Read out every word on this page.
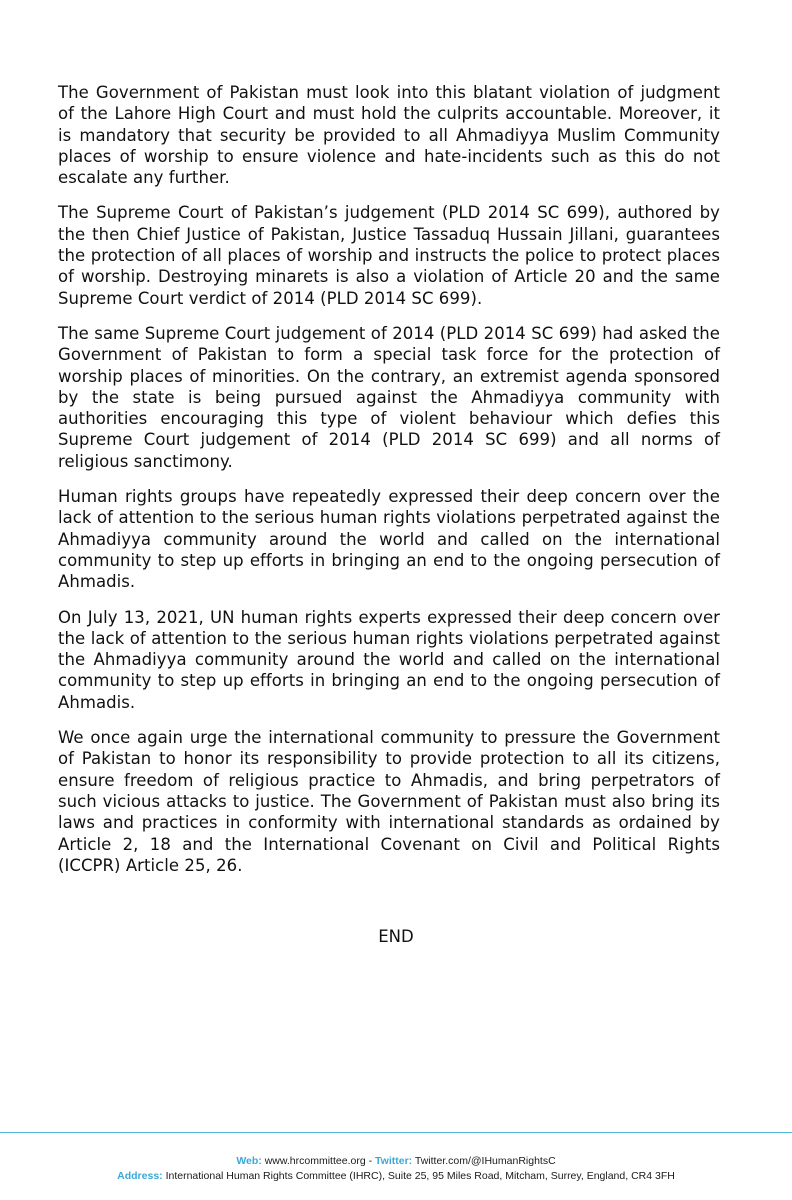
The Government of Pakistan must look into this blatant violation of judgment of the Lahore High Court and must hold the culprits accountable. Moreover, it is mandatory that security be provided to all Ahmadiyya Muslim Community places of worship to ensure violence and hate-incidents such as this do not escalate any further.

The Supreme Court of Pakistan’s judgement (PLD 2014 SC 699), authored by the then Chief Justice of Pakistan, Justice Tassaduq Hussain Jillani, guarantees the protection of all places of worship and instructs the police to protect places of worship. Destroying minarets is also a violation of Article 20 and the same Supreme Court verdict of 2014 (PLD 2014 SC 699).

The same Supreme Court judgement of 2014 (PLD 2014 SC 699) had asked the Government of Pakistan to form a special task force for the protection of worship places of minorities. On the contrary, an extremist agenda sponsored by the state is being pursued against the Ahmadiyya community with authorities encouraging this type of violent behaviour which defies this Supreme Court judgement of 2014 (PLD 2014 SC 699) and all norms of religious sanctimony.

Human rights groups have repeatedly expressed their deep concern over the lack of attention to the serious human rights violations perpetrated against the Ahmadiyya community around the world and called on the international community to step up efforts in bringing an end to the ongoing persecution of Ahmadis.

On July 13, 2021, UN human rights experts expressed their deep concern over the lack of attention to the serious human rights violations perpetrated against the Ahmadiyya community around the world and called on the international community to step up efforts in bringing an end to the ongoing persecution of Ahmadis.

We once again urge the international community to pressure the Government of Pakistan to honor its responsibility to provide protection to all its citizens, ensure freedom of religious practice to Ahmadis, and bring perpetrators of such vicious attacks to justice. The Government of Pakistan must also bring its laws and practices in conformity with international standards as ordained by Article 2, 18 and the International Covenant on Civil and Political Rights (ICCPR) Article 25, 26.

END
Web: www.hrcommittee.org - Twitter: Twitter.com/@IHumanRightsC
Address: International Human Rights Committee (IHRC), Suite 25, 95 Miles Road, Mitcham, Surrey, England, CR4 3FH
